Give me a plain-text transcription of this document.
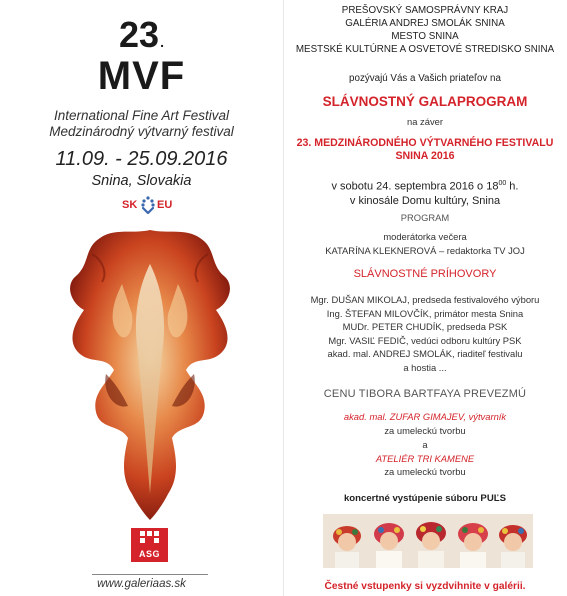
23.
MVF
International Fine Art Festival
Medzinárodný výtvarný festival
11.09. - 25.09.2016
Snina, Slovakia
SK EU
ASG
www.galeriaas.sk
PREŠOVSKÝ SAMOSPRÁVNY KRAJ
GALÉRIA ANDREJ SMOLÁK SNINA
MESTO SNINA
MESTSKÉ KULTÚRNE A OSVETOVÉ STREDISKO SNINA
pozývajú Vás a Vašich priateľov na
SLÁVNOSTNÝ GALAPROGRAM
na záver
23. MEDZINÁRODNÉHO VÝTVARNÉHO FESTIVALU
SNINA 2016
v sobotu 24. septembra 2016 o $18^{00}$ h.
v kinosále Domu kultúry, Snina
PROGRAM
moderátorka večera
KATARÍNA KLEKNEROVÁ – redaktorka TV JOJ
SLÁVNOSTNÉ PRÍHOVORY
Mgr. DUŠAN MIKOLAJ, predseda festivalového výboru
Ing. ŠTEFAN MILOVČÍK, primátor mesta Snina
MUDr. PETER CHUDÍK, predseda PSK
Mgr. VASIĽ FEDIČ, vedúci odboru kultúry PSK
akad. mal. ANDREJ SMOLÁK, riaditeľ festivalu
a hostia ...
CENU TIBORA BARTFAYA PREVEZMÚ
akad. mal. ZUFAR GIMAJEV, výtvarník
za umeleckú tvorbu
a
ATELIÉR TRI KAMENE
za umeleckú tvorbu
koncertné vystúpenie súboru PUĽS
Čestné vstupenky si vyzdvihnite v galérii.
